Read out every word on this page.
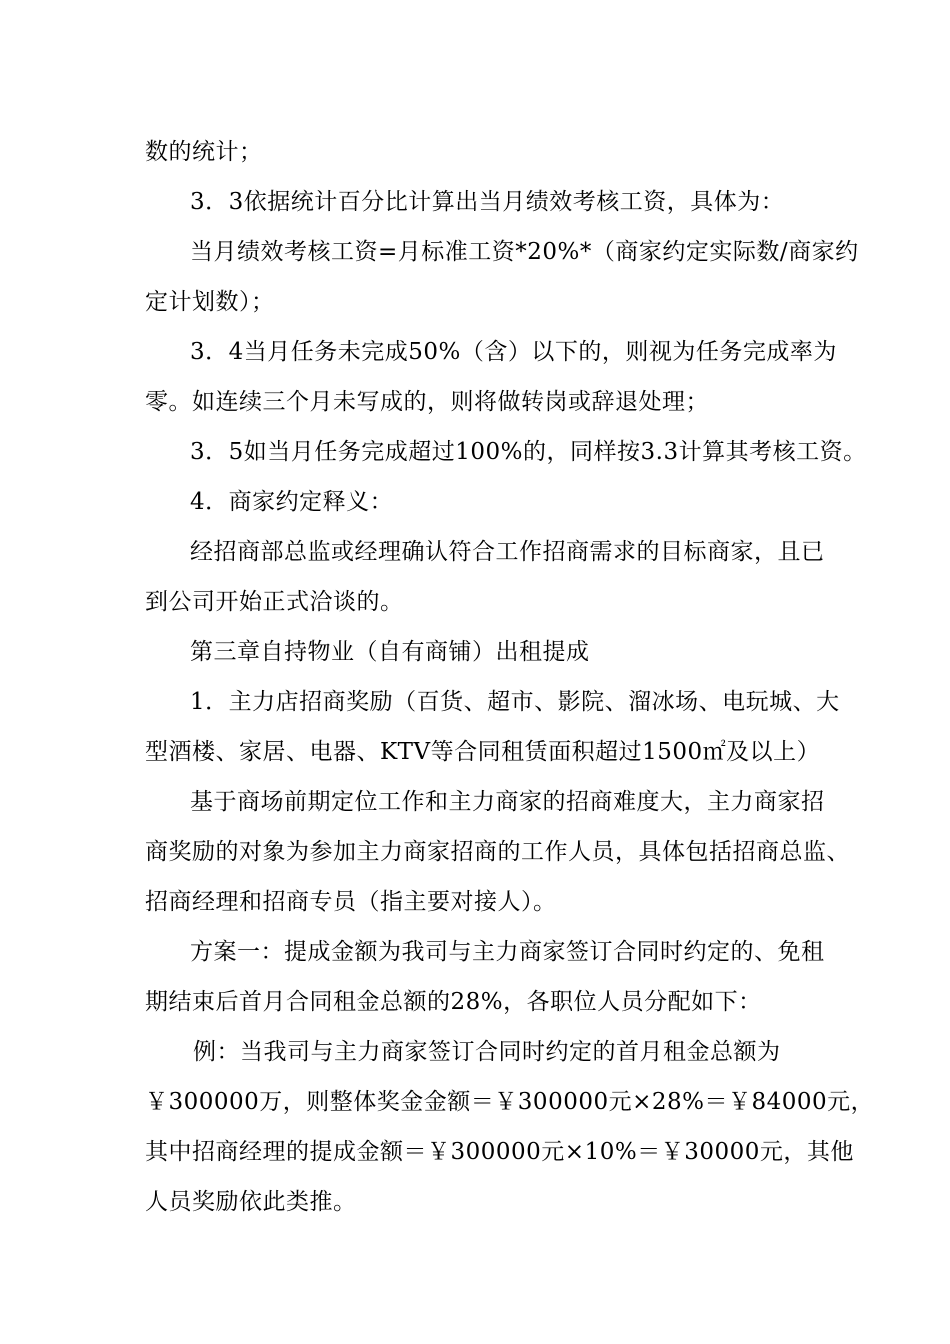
数的统计；
3．3依据统计百分比计算出当月绩效考核工资，具体为：
当月绩效考核工资=月标准工资*20%*（商家约定实际数/商家约
定计划数）；
3．4当月任务未完成50%（含）以下的，则视为任务完成率为
零。如连续三个月未写成的，则将做转岗或辞退处理；
3．5如当月任务完成超过100%的，同样按3.3计算其考核工资。
4．商家约定释义：
经招商部总监或经理确认符合工作招商需求的目标商家，且已
到公司开始正式洽谈的。
第三章自持物业（自有商铺）出租提成
1．主力店招商奖励（百货、超市、影院、溜冰场、电玩城、大
型酒楼、家居、电器、KTV等合同租赁面积超过1500㎡及以上）
基于商场前期定位工作和主力商家的招商难度大，主力商家招
商奖励的对象为参加主力商家招商的工作人员，具体包括招商总监、
招商经理和招商专员（指主要对接人）。
方案一：提成金额为我司与主力商家签订合同时约定的、免租
期结束后首月合同租金总额的28%，各职位人员分配如下：
例：当我司与主力商家签订合同时约定的首月租金总额为
￥300000万，则整体奖金金额＝￥300000元×28%＝￥84000元，
其中招商经理的提成金额＝￥300000元×10%＝￥30000元，其他
人员奖励依此类推。
